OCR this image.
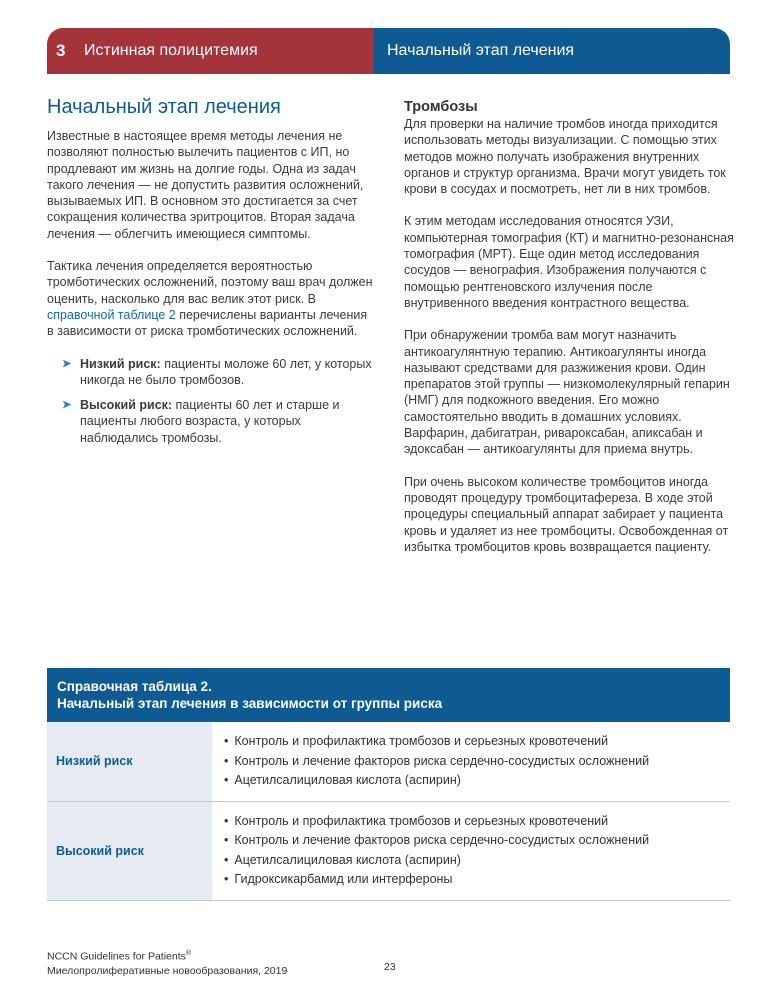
3	Истинная полицитемия	Начальный этап лечения
Начальный этап лечения

Известные в настоящее время методы лечения не позволяют полностью вылечить пациентов с ИП, но продлевают им жизнь на долгие годы. Одна из задач такого лечения — не допустить развития осложнений, вызываемых ИП. В основном это достигается за счет сокращения количества эритроцитов. Вторая задача лечения — облегчить имеющиеся симптомы.

Тактика лечения определяется вероятностью тромботических осложнений, поэтому ваш врач должен оценить, насколько для вас велик этот риск. В справочной таблице 2 перечислены варианты лечения в зависимости от риска тромботических осложнений.

➤ Низкий риск: пациенты моложе 60 лет, у которых никогда не было тромбозов.
➤ Высокий риск: пациенты 60 лет и старше и пациенты любого возраста, у которых наблюдались тромбозы.
Тромбозы

Для проверки на наличие тромбов иногда приходится использовать методы визуализации. С помощью этих методов можно получать изображения внутренних органов и структур организма. Врачи могут увидеть ток крови в сосудах и посмотреть, нет ли в них тромбов.

К этим методам исследования относятся УЗИ, компьютерная томография (КТ) и магнитно-резонансная томография (МРТ). Еще один метод исследования сосудов — венография. Изображения получаются с помощью рентгеновского излучения после внутривенного введения контрастного вещества.

При обнаружении тромба вам могут назначить антикоагулянтную терапию. Антикоагулянты иногда называют средствами для разжижения крови. Один препаратов этой группы — низкомолекулярный гепарин (НМГ) для подкожного введения. Его можно самостоятельно вводить в домашних условиях. Варфарин, дабигатран, ривароксабан, апиксабан и эдоксабан — антикоагулянты для приема внутрь.

При очень высоком количестве тромбоцитов иногда проводят процедуру тромбоцитафереза. В ходе этой процедуры специальный аппарат забирает у пациента кровь и удаляет из нее тромбоциты. Освобожденная от избытка тромбоцитов кровь возвращается пациенту.

Справочная таблица 2.
Начальный этап лечения в зависимости от группы риска
Низкий риск
• Контроль и профилактика тромбозов и серьезных кровотечений
• Контроль и лечение факторов риска сердечно-сосудистых осложнений
• Ацетилсалициловая кислота (аспирин)
Высокий риск
• Контроль и профилактика тромбозов и серьезных кровотечений
• Контроль и лечение факторов риска сердечно-сосудистых осложнений
• Ацетилсалициловая кислота (аспирин)
• Гидроксикарбамид или интерфероны
NCCN Guidelines for Patients®
Миелопролиферативные новообразования, 2019	23
